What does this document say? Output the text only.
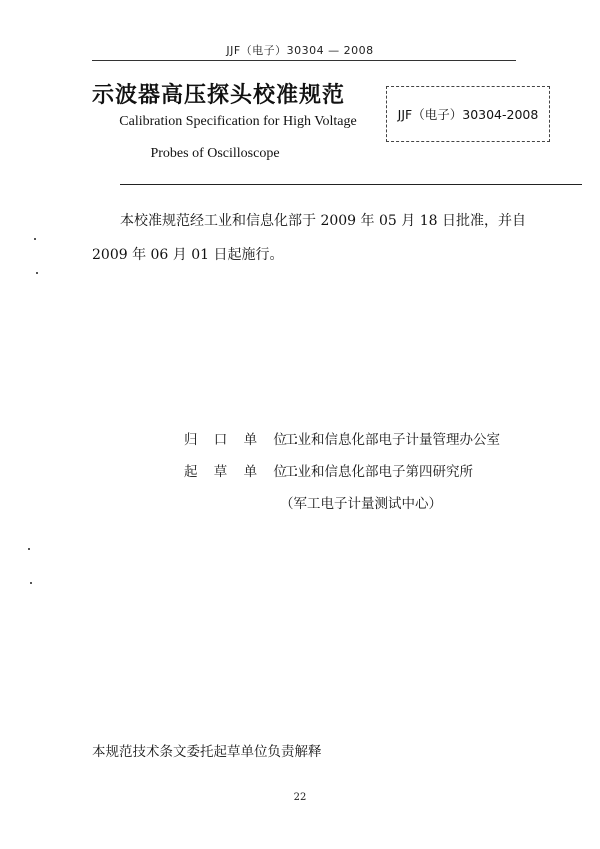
JJF（电子）30304 — 2008
示波器高压探头校准规范
Calibration Specification for High Voltage
Probes of Oscilloscope
JJF（电子）30304-2008
本校准规范经工业和信息化部于 2009 年 05 月 18 日批准，并自 2009 年 06 月 01 日起施行。
归 口 单 位：工业和信息化部电子计量管理办公室
起 草 单 位：工业和信息化部电子第四研究所
（军工电子计量测试中心）
本规范技术条文委托起草单位负责解释
22
